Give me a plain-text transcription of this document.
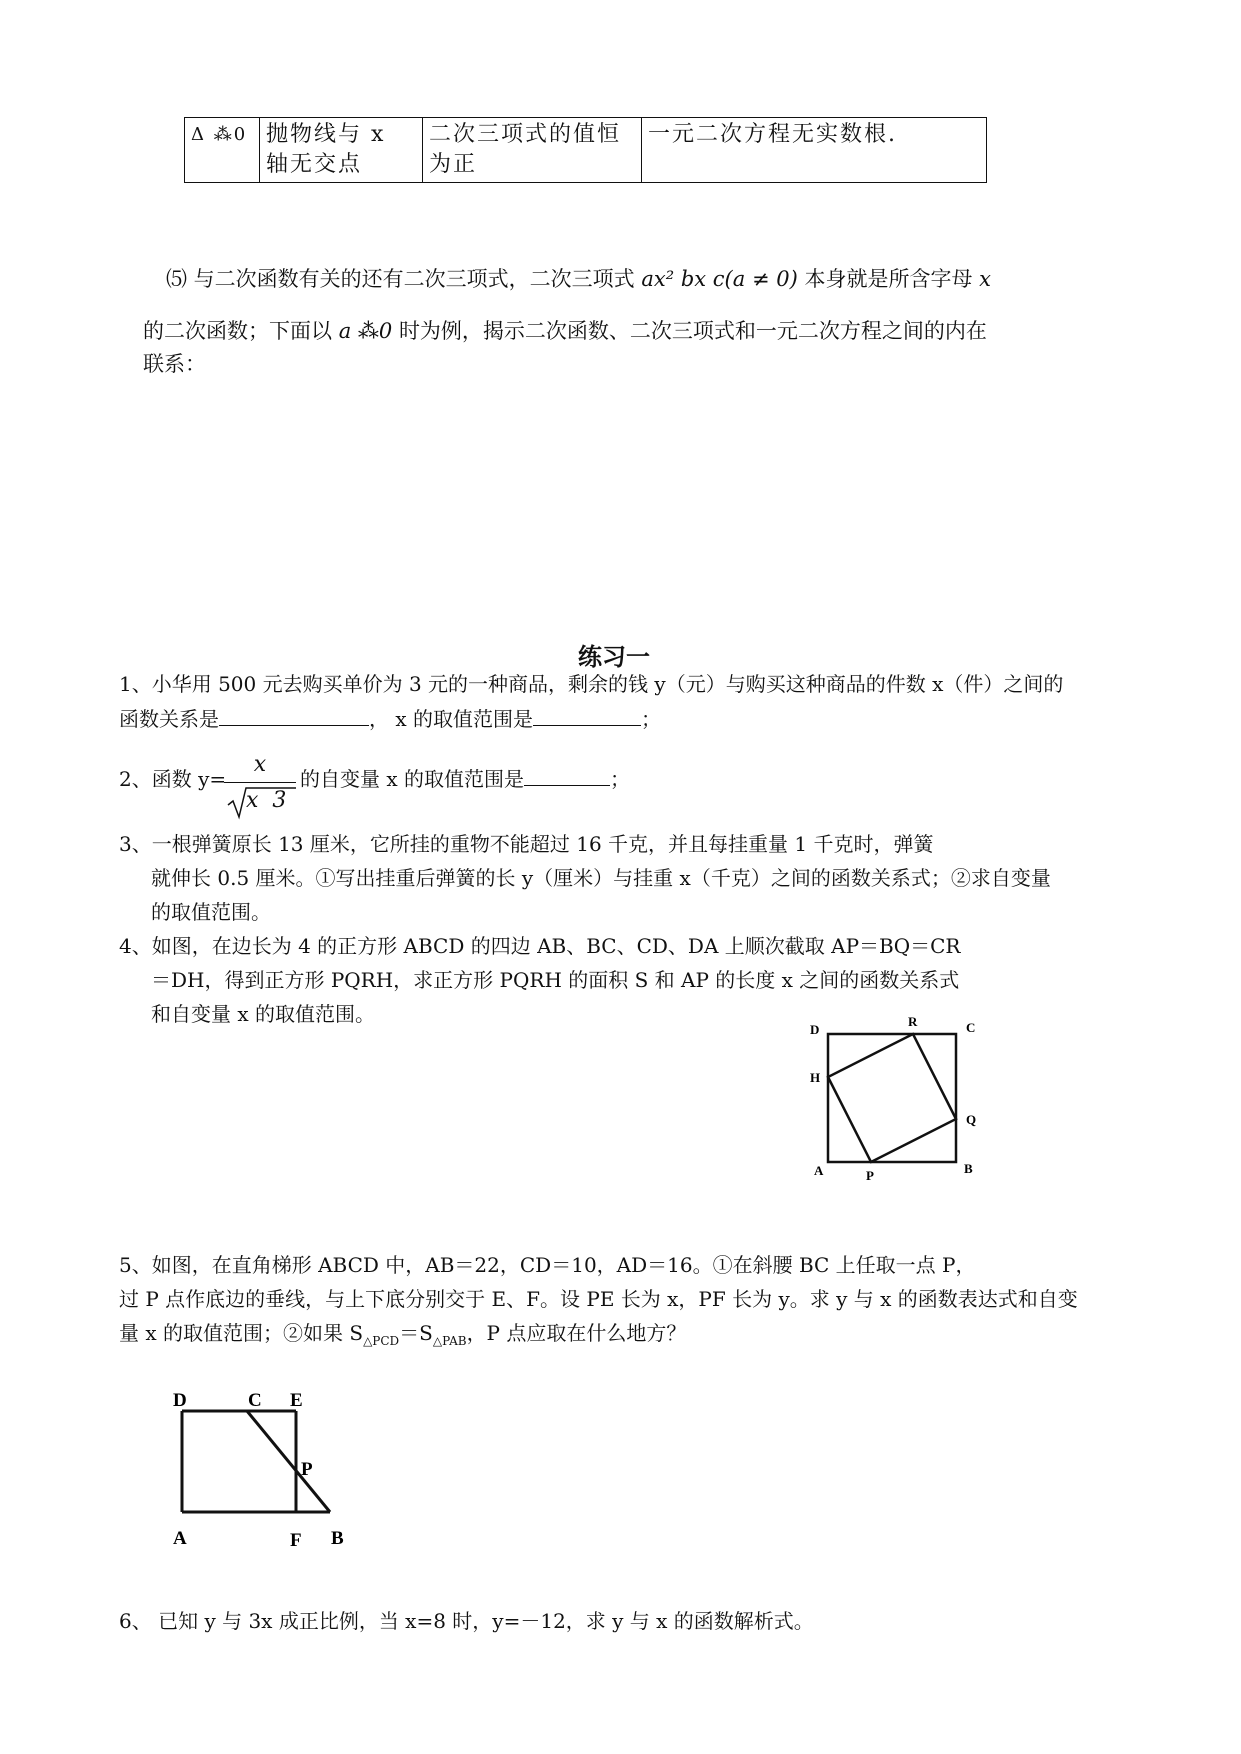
Δ ⁂0	抛物线与 x 轴无交点	二次三项式的值恒为正	一元二次方程无实数根.
⑸ 与二次函数有关的还有二次三项式，二次三项式 ax² bx c(a ≠ 0) 本身就是所含字母 x
的二次函数；下面以 a ⁂0 时为例，揭示二次函数、二次三项式和一元二次方程之间的内在
联系：
练习一
1、小华用 500 元去购买单价为 3 元的一种商品，剩余的钱 y（元）与购买这种商品的件数 x（件）之间的
函数关系是	， x 的取值范围是	；
2、函数 y=
x
x  3
的自变量 x 的取值范围是	；
3、一根弹簧原长 13 厘米，它所挂的重物不能超过 16 千克，并且每挂重量 1 千克时，弹簧
就伸长 0.5 厘米。①写出挂重后弹簧的长 y（厘米）与挂重 x（千克）之间的函数关系式；②求自变量
的取值范围。
4、如图，在边长为 4 的正方形 ABCD 的四边 AB、BC、CD、DA 上顺次截取 AP＝BQ＝CR
＝DH，得到正方形 PQRH，求正方形 PQRH 的面积 S 和 AP 的长度 x 之间的函数关系式
和自变量 x 的取值范围。
D
R	C
H
Q
A	P	B
5、如图，在直角梯形 ABCD 中，AB＝22，CD＝10，AD＝16。①在斜腰 BC 上任取一点 P，
过 P 点作底边的垂线，与上下底分别交于 E、F。设 PE 长为 x，PF 长为 y。求 y 与 x 的函数表达式和自变
量 x 的取值范围；②如果 $S_{\triangle PCD}=S_{\triangle PAB}$，P 点应取在什么地方？
D	C E
P
A	F B
6、 已知 y 与 3x 成正比例，当 x=8 时，y=－12，求 y 与 x 的函数解析式。
